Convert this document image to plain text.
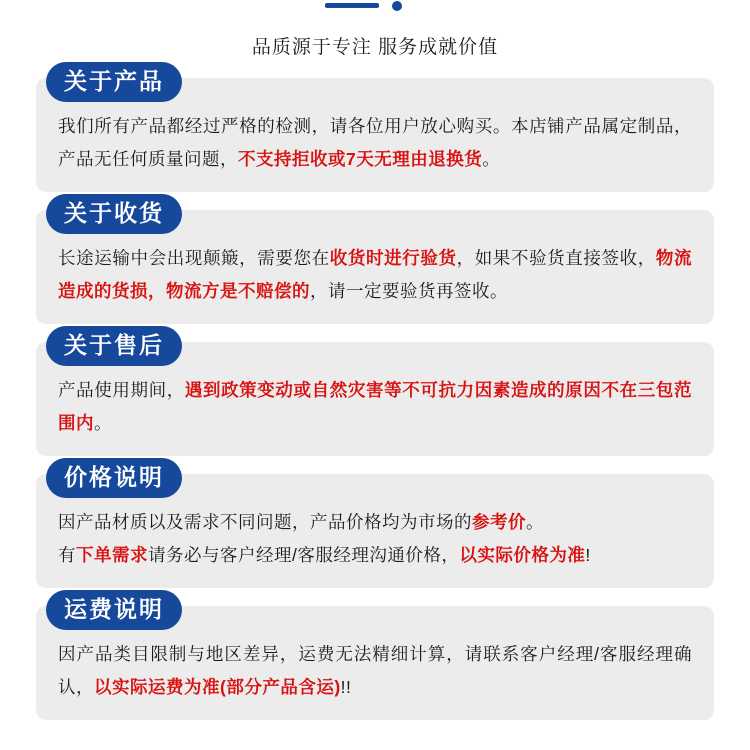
品质源于专注 服务成就价值
关于产品
我们所有产品都经过严格的检测，请各位用户放心购买。本店铺产品属定制品，产品无任何质量问题，不支持拒收或7天无理由退换货。
关于收货
长途运输中会出现颠簸，需要您在收货时进行验货，如果不验货直接签收，物流造成的货损，物流方是不赔偿的，请一定要验货再签收。
关于售后
产品使用期间，遇到政策变动或自然灾害等不可抗力因素造成的原因不在三包范围内。
价格说明
因产品材质以及需求不同问题，产品价格均为市场的参考价。
有下单需求请务必与客户经理/客服经理沟通价格，以实际价格为准!
运费说明
因产品类目限制与地区差异，运费无法精细计算，请联系客户经理/客服经理确认，以实际运费为准(部分产品含运)!!
